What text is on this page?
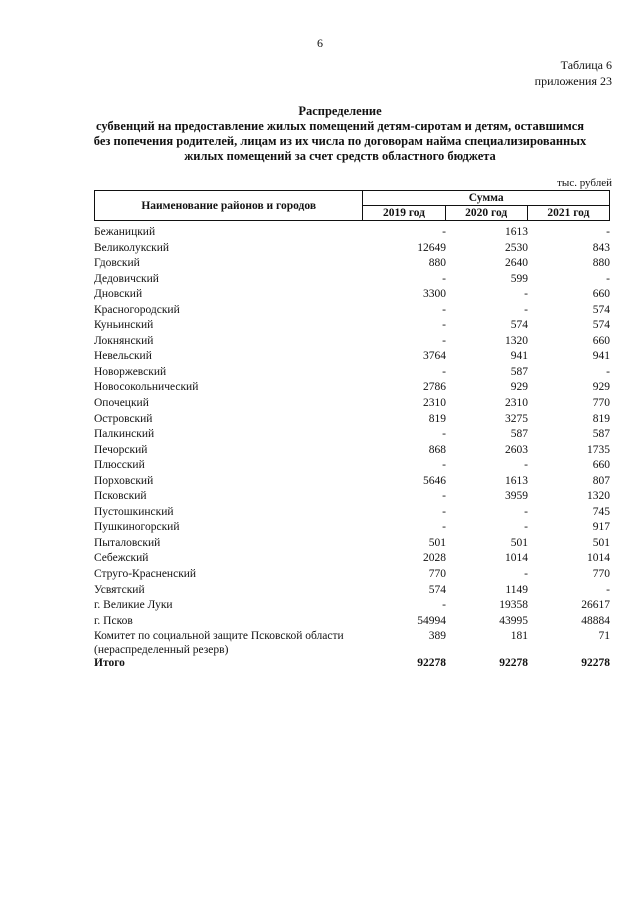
6
Таблица 6
приложения 23
Распределение
субвенций на предоставление жилых помещений детям-сиротам и детям, оставшимся
без попечения родителей, лицам из их числа по договорам найма специализированных
жилых помещений за счет средств областного бюджета
тыс. рублей
Наименование районов и городов	Сумма		
	2019 год	2020 год	2021 год
Бежаницкий	-	1613	-
Великолукский	12649	2530	843
Гдовский	880	2640	880
Дедовичский	-	599	-
Дновский	3300	-	660
Красногородский	-	-	574
Куньинский	-	574	574
Локнянский	-	1320	660
Невельский	3764	941	941
Новоржевский	-	587	-
Новосокольнический	2786	929	929
Опочецкий	2310	2310	770
Островский	819	3275	819
Палкинский	-	587	587
Печорский	868	2603	1735
Плюсский	-	-	660
Порховский	5646	1613	807
Псковский	-	3959	1320
Пустошкинский	-	-	745
Пушкиногорский	-	-	917
Пыталовский	501	501	501
Себежский	2028	1014	1014
Струго-Красненский	770	-	770
Усвятский	574	1149	-
г. Великие Луки	-	19358	26617
г. Псков	54994	43995	48884
Комитет по социальной защите Псковской области
(нераспределенный резерв)
389	181	71
Итого	92278	92278	92278
